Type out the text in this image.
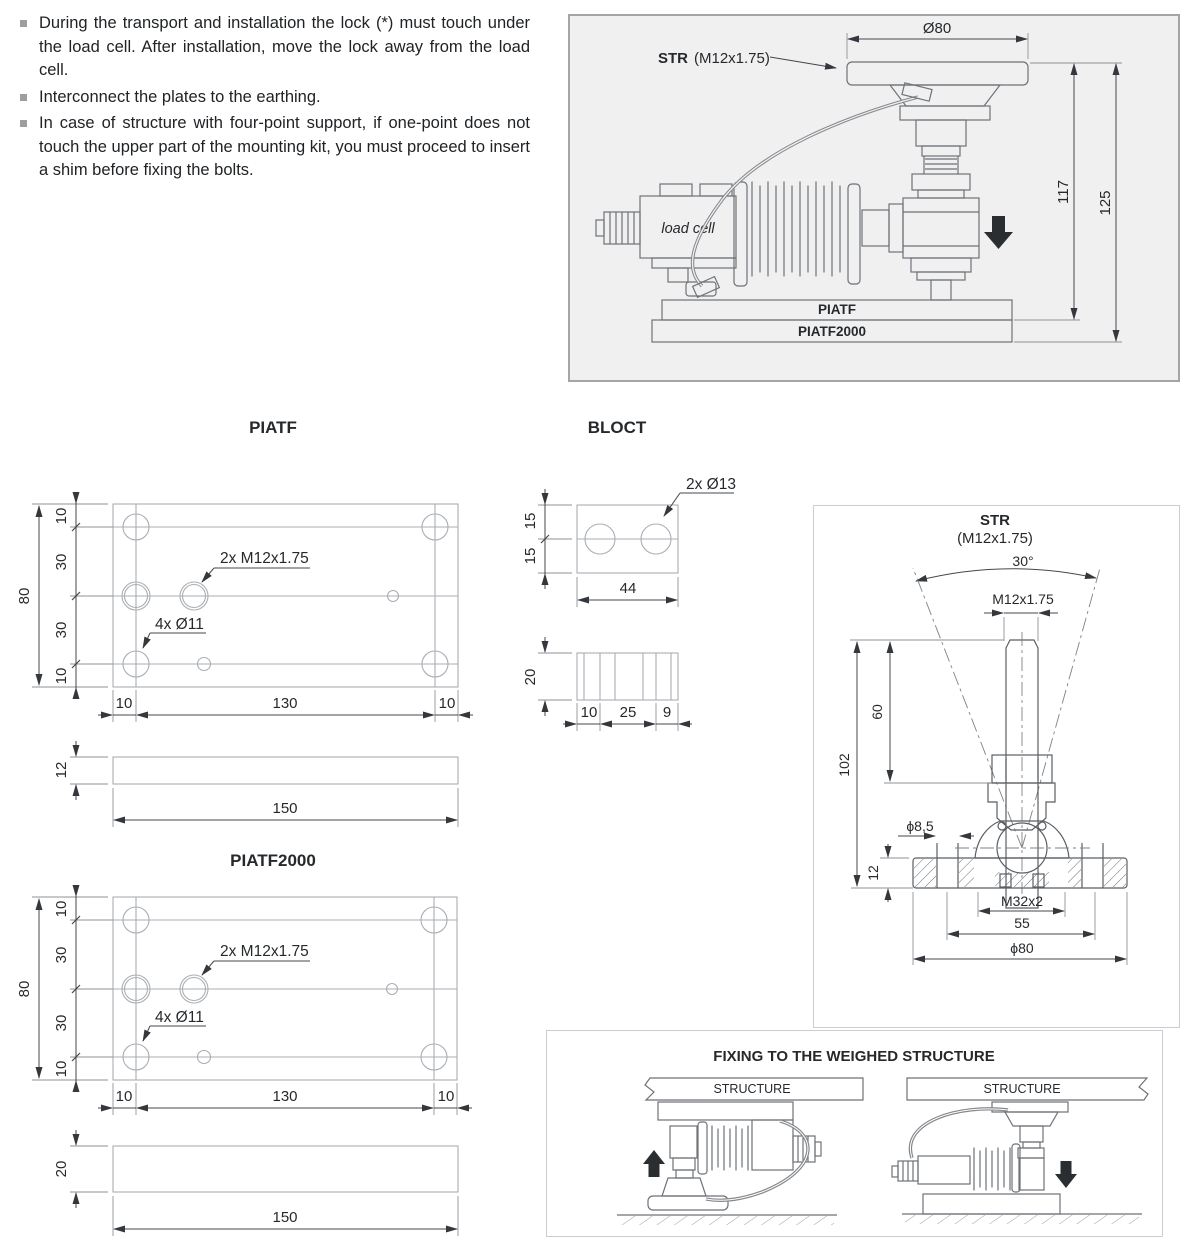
During the transport and installation the lock (*) must touch under the load cell. After installation, move the lock away from the load cell.
Interconnect the plates to the earthing.
In case of structure with four-point support, if one-point does not touch the upper part of the mounting kit, you must proceed to insert a shim before fixing the bolts.
load cell
PIATF
PIATF2000
Ø80
117 125
STR (M12x1.75)
PIATF
2x M12x1.75
4x Ø11
80
10
30
30
10
10	130	10
12
150
BLOCT
2x Ø13
15
15
44
20
10 25 9
PIATF2000
2x M12x1.75
4x Ø11
80
10
30
30
10
10	130	10
20
150
STR
(M12x1.75)
30°
M12x1.75
60
102
ϕ8,5
12
M32x2
55
ϕ80
FIXING TO THE WEIGHED STRUCTURE
STRUCTURE	STRUCTURE
